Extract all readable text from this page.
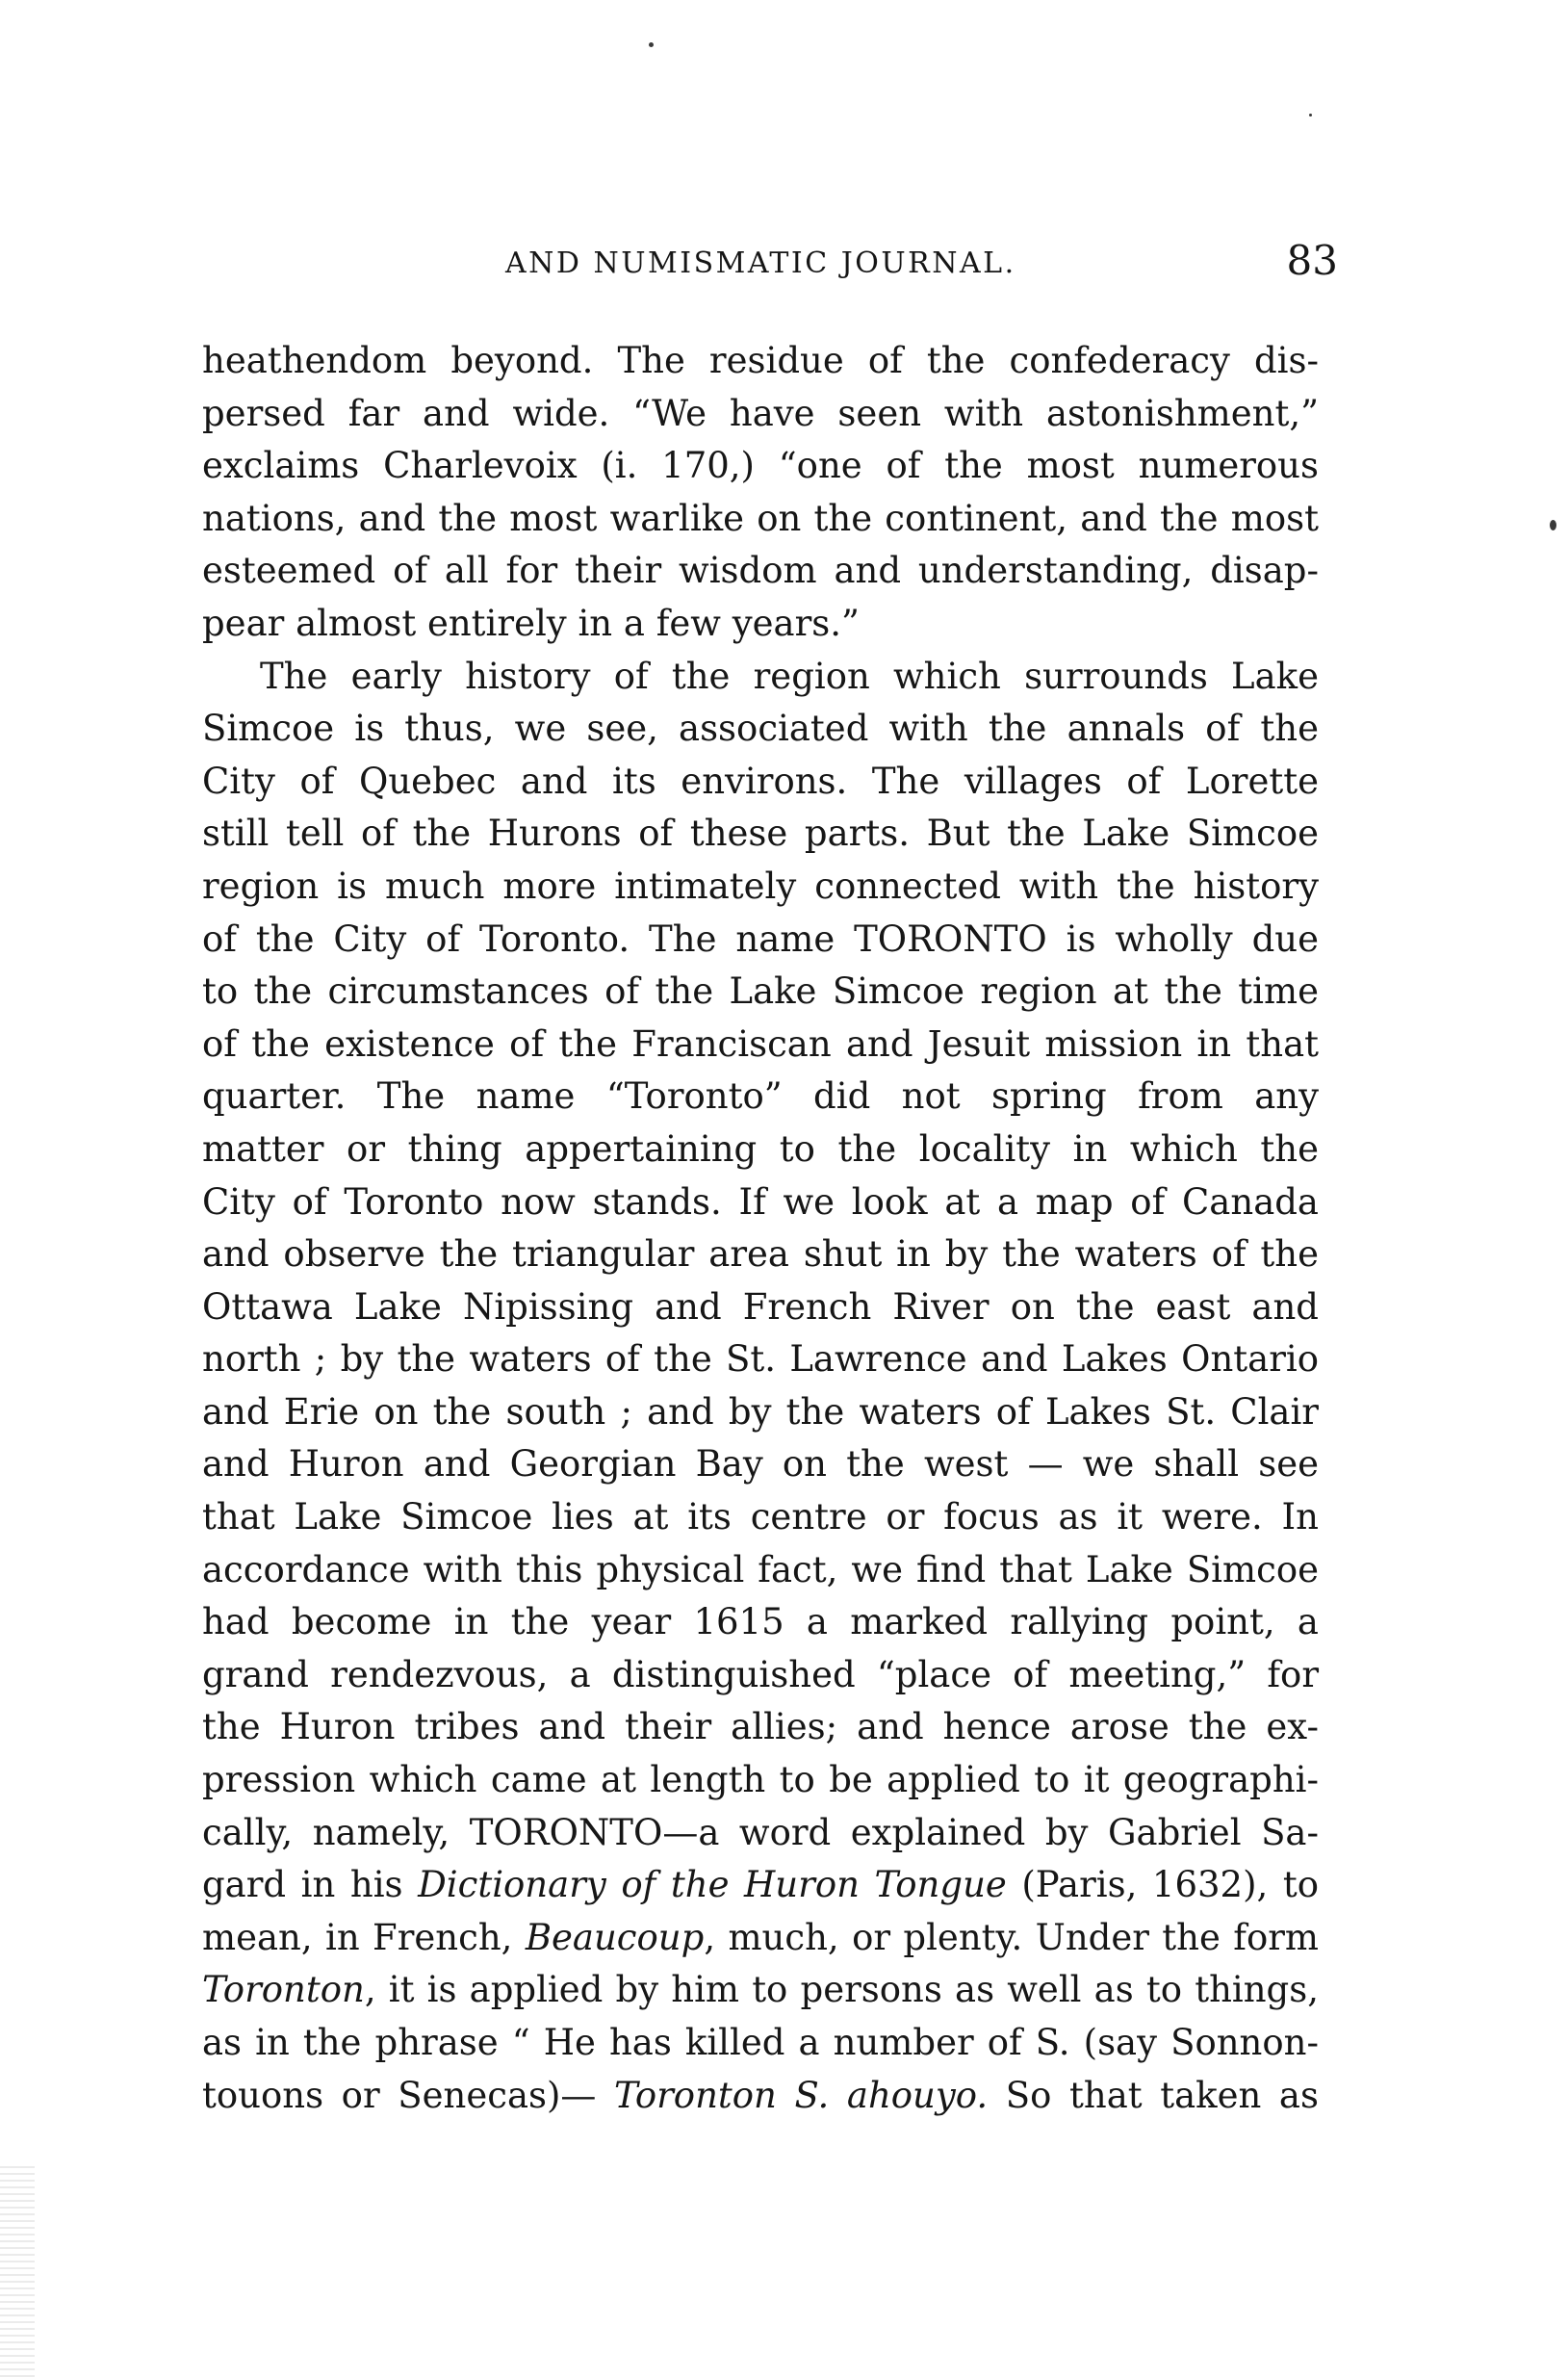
AND NUMISMATIC JOURNAL.	83
heathendom beyond. The residue of the confederacy dis-
persed far and wide. “We have seen with astonishment,”
exclaims Charlevoix (i. 170,) “one of the most numerous
nations, and the most warlike on the continent, and the most
esteemed of all for their wisdom and understanding, disap-
pear almost entirely in a few years.”
The early history of the region which surrounds Lake
Simcoe is thus, we see, associated with the annals of the
City of Quebec and its environs. The villages of Lorette
still tell of the Hurons of these parts. But the Lake Simcoe
region is much more intimately connected with the history
of the City of Toronto. The name TORONTO is wholly due
to the circumstances of the Lake Simcoe region at the time
of the existence of the Franciscan and Jesuit mission in that
quarter. The name “Toronto” did not spring from any
matter or thing appertaining to the locality in which the
City of Toronto now stands. If we look at a map of Canada
and observe the triangular area shut in by the waters of the
Ottawa Lake Nipissing and French River on the east and
north ; by the waters of the St. Lawrence and Lakes Ontario
and Erie on the south ; and by the waters of Lakes St. Clair
and Huron and Georgian Bay on the west — we shall see
that Lake Simcoe lies at its centre or focus as it were. In
accordance with this physical fact, we find that Lake Simcoe
had become in the year 1615 a marked rallying point, a
grand rendezvous, a distinguished “place of meeting,” for
the Huron tribes and their allies; and hence arose the ex-
pression which came at length to be applied to it geographi-
cally, namely, TORONTO—a word explained by Gabriel Sa-
gard in his Dictionary of the Huron Tongue (Paris, 1632), to
mean, in French, Beaucoup, much, or plenty. Under the form
Toronton, it is applied by him to persons as well as to things,
as in the phrase “ He has killed a number of S. (say Sonnon-
touons or Senecas)— Toronton S. ahouyo. So that taken as
